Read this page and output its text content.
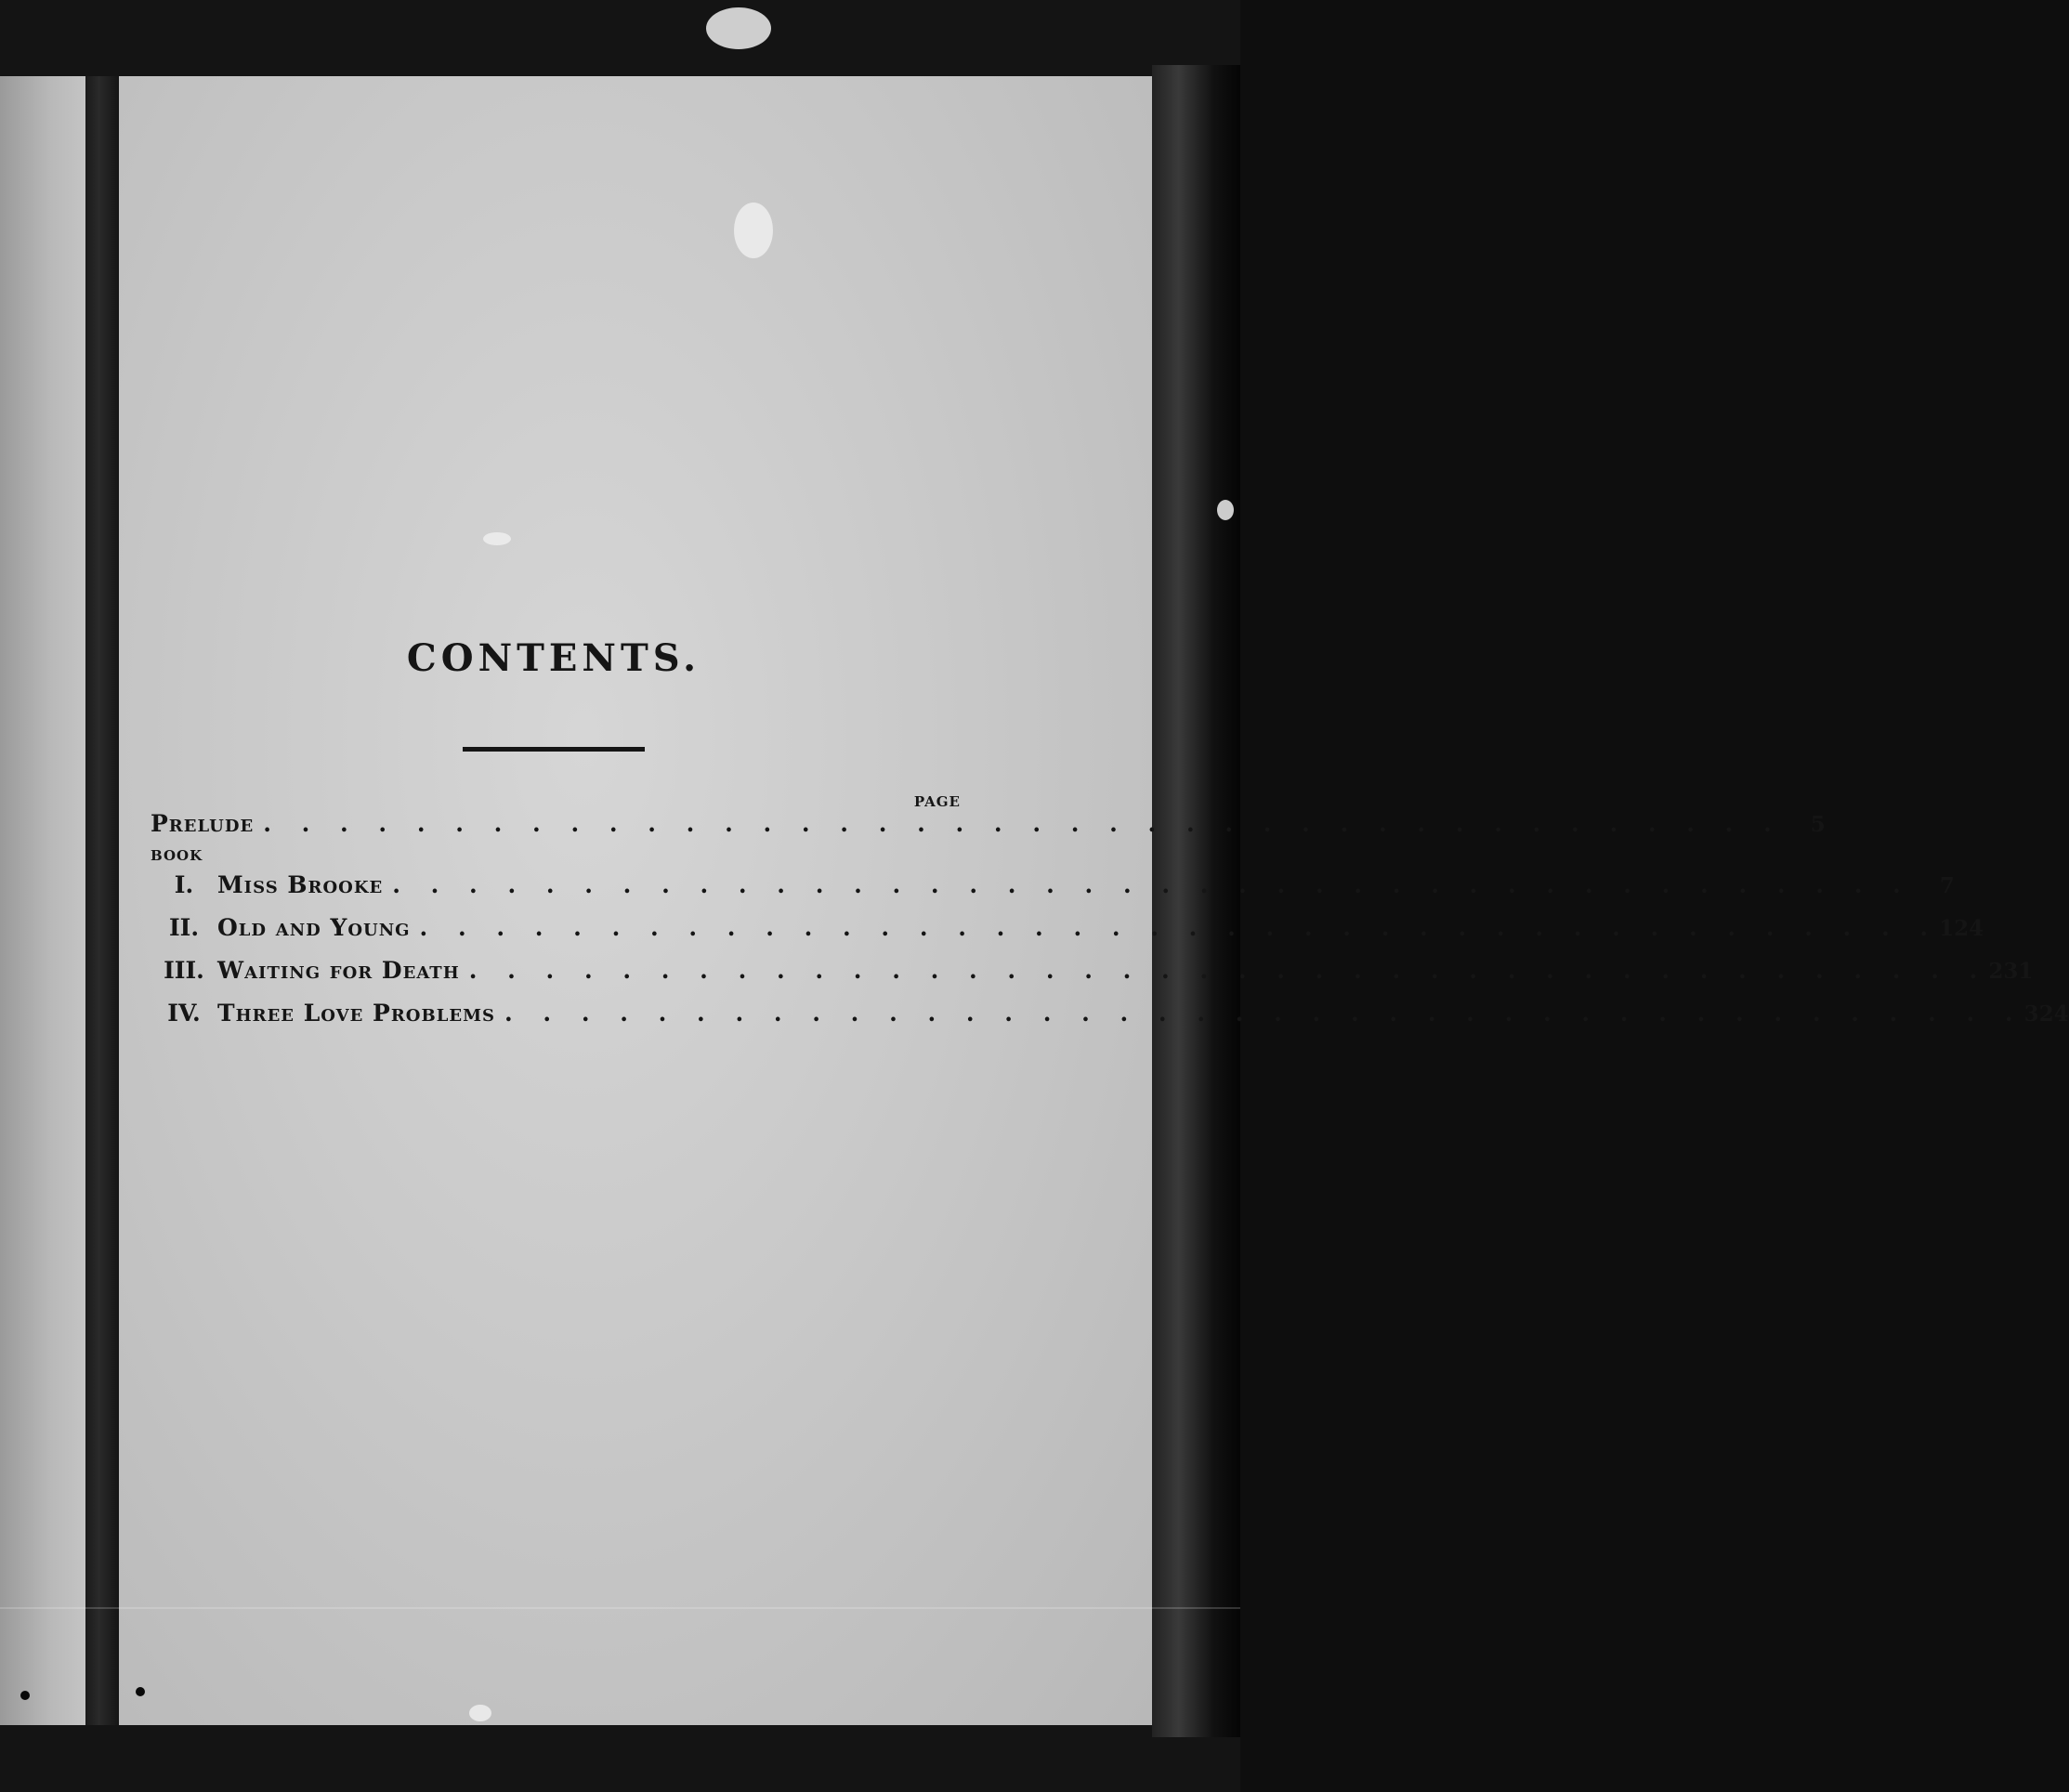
CONTENTS.
PAGE
Prelude . . . . . . . . . . . . . . . . . . . . . . . . . . . . . . . . . . . . . . . .	5
BOOK
I.	Miss Brooke . . . . . . . . . . . . . . . . . . . . . . . . . . . . . . . . . . . . . . . .	7
II. Old and Young . . . . . . . . . . . . . . . . . . . . . . . . . . . . . . . . . . . . . . . . 124
III. Waiting for Death . . . . . . . . . . . . . . . . . . . . . . . . . . . . . . . . . . . . . . . . 231
IV. Three Love Problems . . . . . . . . . . . . . . . . . . . . . . . . . . . . . . . . . . . . . . . . 324
